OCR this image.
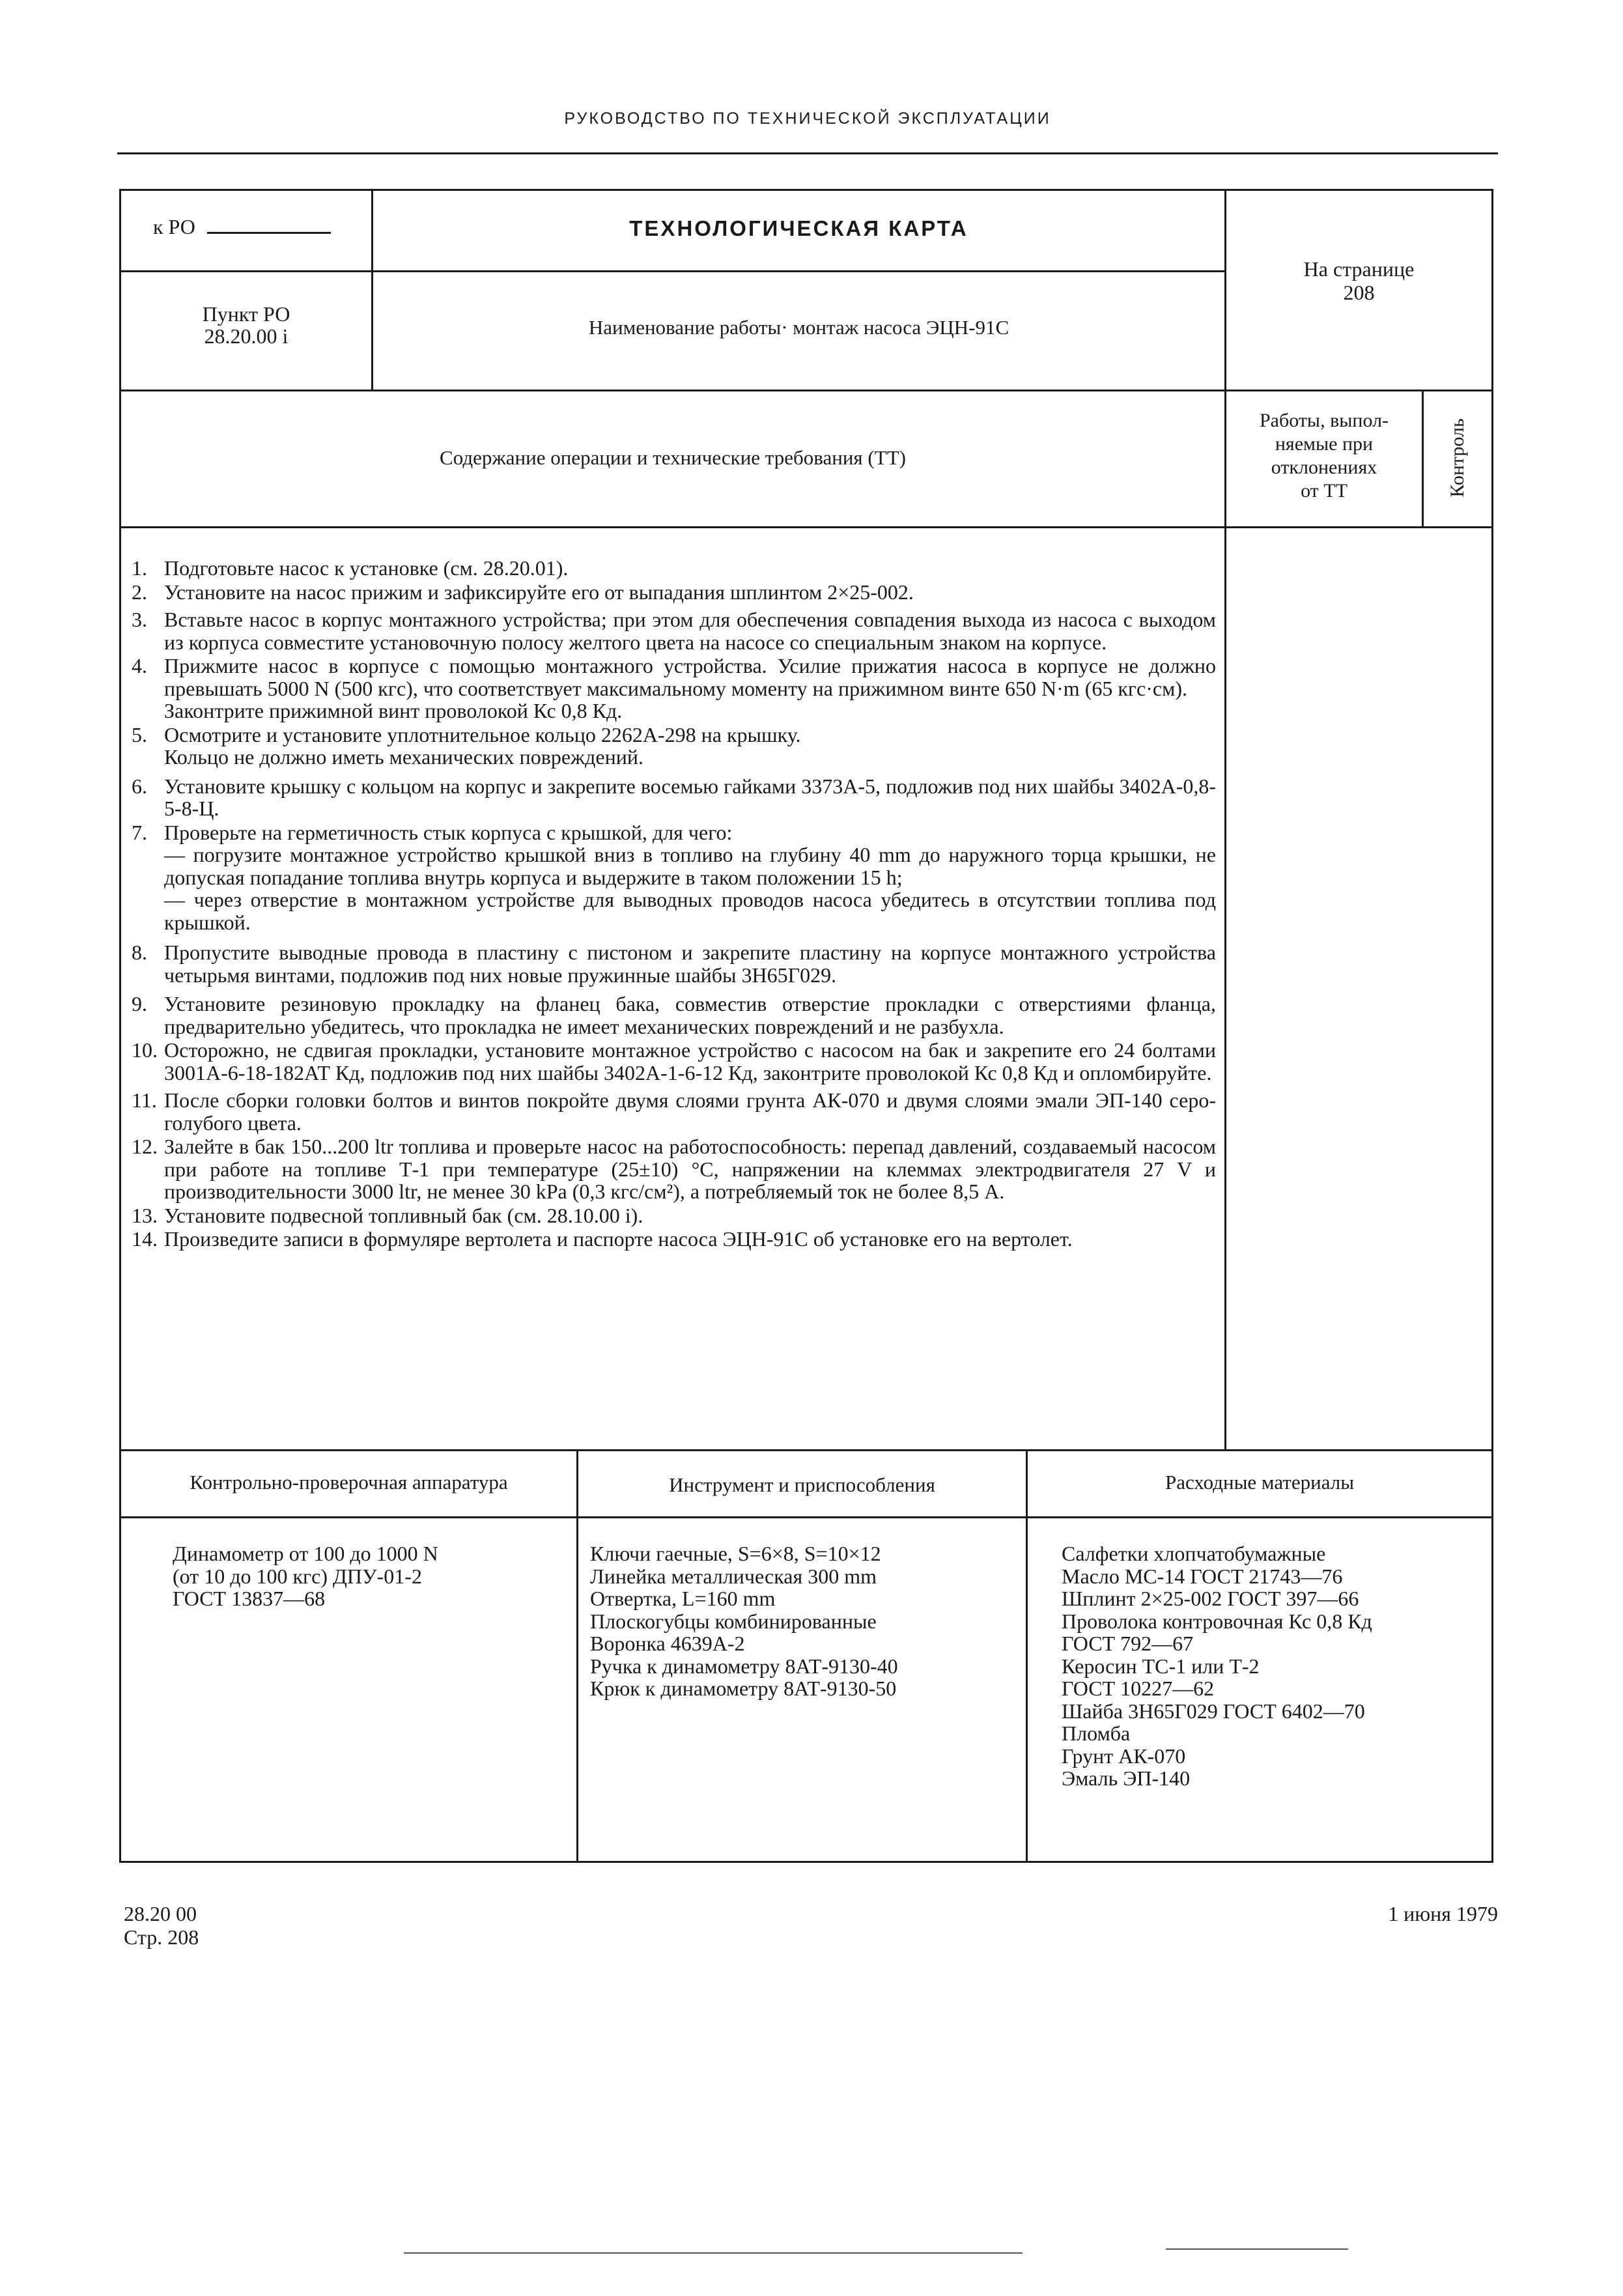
РУКОВОДСТВО ПО ТЕХНИЧЕСКОЙ ЭКСПЛУАТАЦИИ
к РО	ТЕХНОЛОГИЧЕСКАЯ КАРТА
На странице
208
Пункт РО
28.20.00 i	Наименование работы· монтаж насоса ЭЦН-91С
Содержание операции и технические требования (ТТ)
Работы, выпол-
няемые при
отклонениях
от ТТ	Контроль
1. Подготовьте насос к установке (см. 28.20.01).

2. Установите на насос прижим и зафиксируйте его от выпадания шплинтом 2×25-002.

3. Вставьте насос в корпус монтажного устройства; при этом для обеспечения совпадения выхода из насоса с выходом из корпуса совместите установочную полосу желтого цвета на насосе со специальным знаком на корпусе.

4. Прижмите насос в корпусе с помощью монтажного устройства. Усилие прижатия насоса в корпусе не должно превышать 5000 N (500 кгс), что соответствует максимальному моменту на прижимном винте 650 N·m (65 кгс·см).

Законтрите прижимной винт проволокой Кс 0,8 Кд.

5. Осмотрите и установите уплотнительное кольцо 2262А-298 на крышку.

Кольцо не должно иметь механических повреждений.

6. Установите крышку с кольцом на корпус и закрепите восемью гайками 3373А-5, подложив под них шайбы 3402А-0,8-5-8-Ц.

7. Проверьте на герметичность стык корпуса с крышкой, для чего:

— погрузите монтажное устройство крышкой вниз в топливо на глубину 40 mm до наружного торца крышки, не допуская попадание топлива внутрь корпуса и выдержите в таком положении 15 h;

— через отверстие в монтажном устройстве для выводных проводов насоса убедитесь в отсутствии топлива под крышкой.

8. Пропустите выводные провода в пластину с пистоном и закрепите пластину на корпусе монтажного устройства четырьмя винтами, подложив под них новые пружинные шайбы 3Н65Г029.

9. Установите резиновую прокладку на фланец бака, совместив отверстие прокладки с отверстиями фланца, предварительно убедитесь, что прокладка не имеет механических повреждений и не разбухла.

10. Осторожно, не сдвигая прокладки, установите монтажное устройство с насосом на бак и закрепите его 24 болтами 3001А-6-18-182АТ Кд, подложив под них шайбы 3402А-1-6-12 Кд, законтрите проволокой Кс 0,8 Кд и опломбируйте.

11. После сборки головки болтов и винтов покройте двумя слоями грунта АК-070 и двумя слоями эмали ЭП-140 серо-голубого цвета.

12. Залейте в бак 150...200 ltr топлива и проверьте насос на работоспособность: перепад давлений, создаваемый насосом при работе на топливе Т-1 при температуре (25±10) °С, напряжении на клеммах электродвигателя 27 V и производительности 3000 ltr, не менее 30 kPa (0,3 кгс/см²), а потребляемый ток не более 8,5 А.

13. Установите подвесной топливный бак (см. 28.10.00 i).

14. Произведите записи в формуляре вертолета и паспорте насоса ЭЦН-91С об установке его на вертолет.

Контрольно-проверочная аппаратура	Инструмент и приспособления	Расходные материалы
Динамометр от 100 до 1000 N
(от 10 до 100 кгс) ДПУ-01-2
ГОСТ 13837—68
Ключи гаечные, S=6×8, S=10×12
Линейка металлическая 300 mm
Отвертка, L=160 mm
Плоскогубцы комбинированные
Воронка 4639А-2
Ручка к динамометру 8АТ-9130-40
Крюк к динамометру 8АТ-9130-50
Салфетки хлопчатобумажные
Масло МС-14 ГОСТ 21743—76
Шплинт 2×25-002 ГОСТ 397—66
Проволока контровочная Кс 0,8 Кд
ГОСТ 792—67
Керосин ТС-1 или Т-2
ГОСТ 10227—62
Шайба 3Н65Г029 ГОСТ 6402—70
Пломба
Грунт АК-070
Эмаль ЭП-140
28.20 00
Стр. 208
1 июня 1979
